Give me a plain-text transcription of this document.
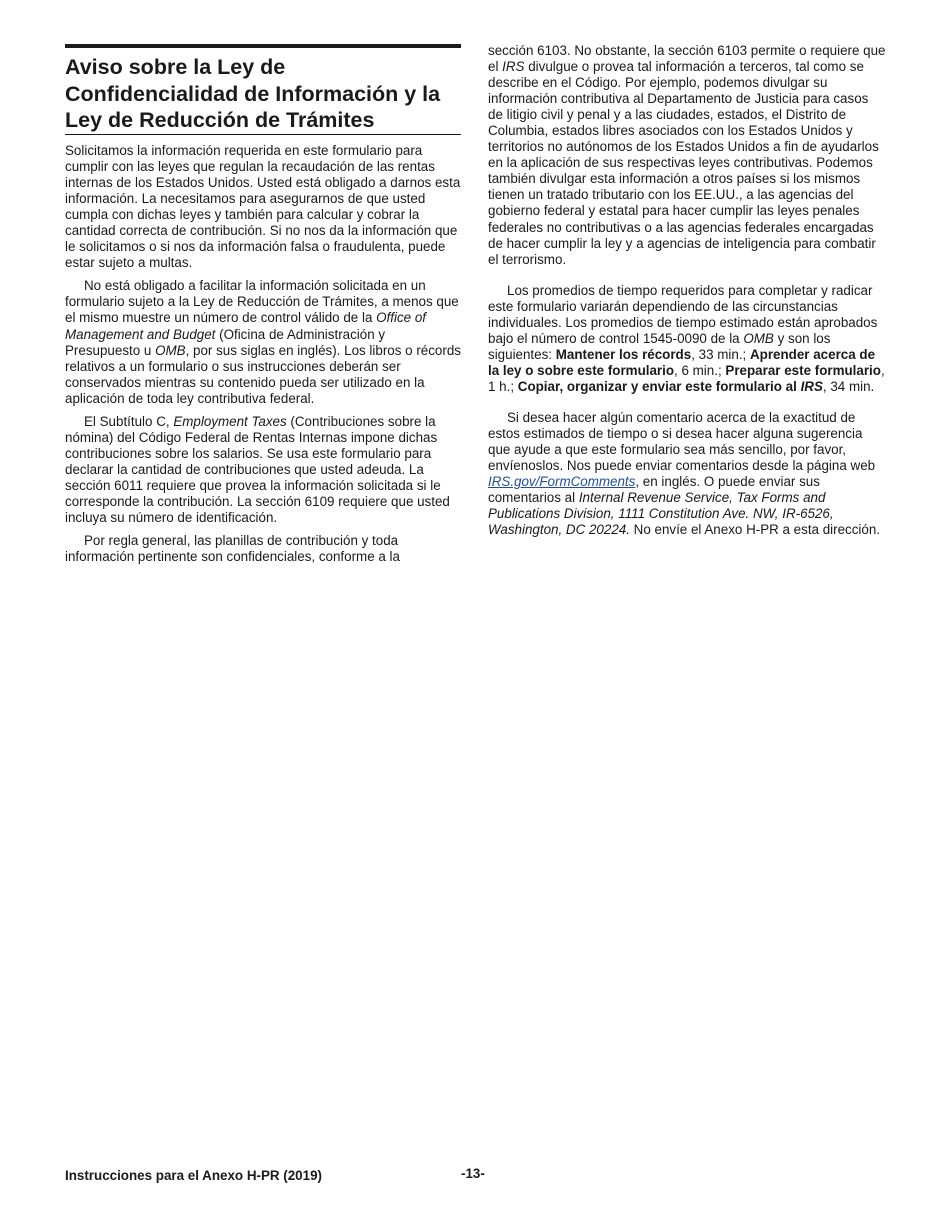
Aviso sobre la Ley de Confidencialidad de Información y la Ley de Reducción de Trámites

Solicitamos la información requerida en este formulario para cumplir con las leyes que regulan la recaudación de las rentas internas de los Estados Unidos. Usted está obligado a darnos esta información. La necesitamos para asegurarnos de que usted cumpla con dichas leyes y también para calcular y cobrar la cantidad correcta de contribución. Si no nos da la información que le solicitamos o si nos da información falsa o fraudulenta, puede estar sujeto a multas.

No está obligado a facilitar la información solicitada en un formulario sujeto a la Ley de Reducción de Trámites, a menos que el mismo muestre un número de control válido de la Office of Management and Budget (Oficina de Administración y Presupuesto u OMB, por sus siglas en inglés). Los libros o récords relativos a un formulario o sus instrucciones deberán ser conservados mientras su contenido pueda ser utilizado en la aplicación de toda ley contributiva federal.

El Subtítulo C, Employment Taxes (Contribuciones sobre la nómina) del Código Federal de Rentas Internas impone dichas contribuciones sobre los salarios. Se usa este formulario para declarar la cantidad de contribuciones que usted adeuda. La sección 6011 requiere que provea la información solicitada si le corresponde la contribución. La sección 6109 requiere que usted incluya su número de identificación.

Por regla general, las planillas de contribución y toda información pertinente son confidenciales, conforme a la

sección 6103. No obstante, la sección 6103 permite o requiere que el IRS divulgue o provea tal información a terceros, tal como se describe en el Código. Por ejemplo, podemos divulgar su información contributiva al Departamento de Justicia para casos de litigio civil y penal y a las ciudades, estados, el Distrito de Columbia, estados libres asociados con los Estados Unidos y territorios no autónomos de los Estados Unidos a fin de ayudarlos en la aplicación de sus respectivas leyes contributivas. Podemos también divulgar esta información a otros países si los mismos tienen un tratado tributario con los EE.UU., a las agencias del gobierno federal y estatal para hacer cumplir las leyes penales federales no contributivas o a las agencias federales encargadas de hacer cumplir la ley y a agencias de inteligencia para combatir el terrorismo.

Los promedios de tiempo requeridos para completar y radicar este formulario variarán dependiendo de las circunstancias individuales. Los promedios de tiempo estimado están aprobados bajo el número de control 1545-0090 de la OMB y son los siguientes: Mantener los récords, 33 min.; Aprender acerca de la ley o sobre este formulario, 6 min.; Preparar este formulario, 1 h.; Copiar, organizar y enviar este formulario al IRS, 34 min.

Si desea hacer algún comentario acerca de la exactitud de estos estimados de tiempo o si desea hacer alguna sugerencia que ayude a que este formulario sea más sencillo, por favor, envíenoslos. Nos puede enviar comentarios desde la página web IRS.gov/FormComments, en inglés. O puede enviar sus comentarios al Internal Revenue Service, Tax Forms and Publications Division, 1111 Constitution Ave. NW, IR-6526, Washington, DC 20224. No envíe el Anexo H-PR a esta dirección.

Instrucciones para el Anexo H-PR (2019)	-13-
